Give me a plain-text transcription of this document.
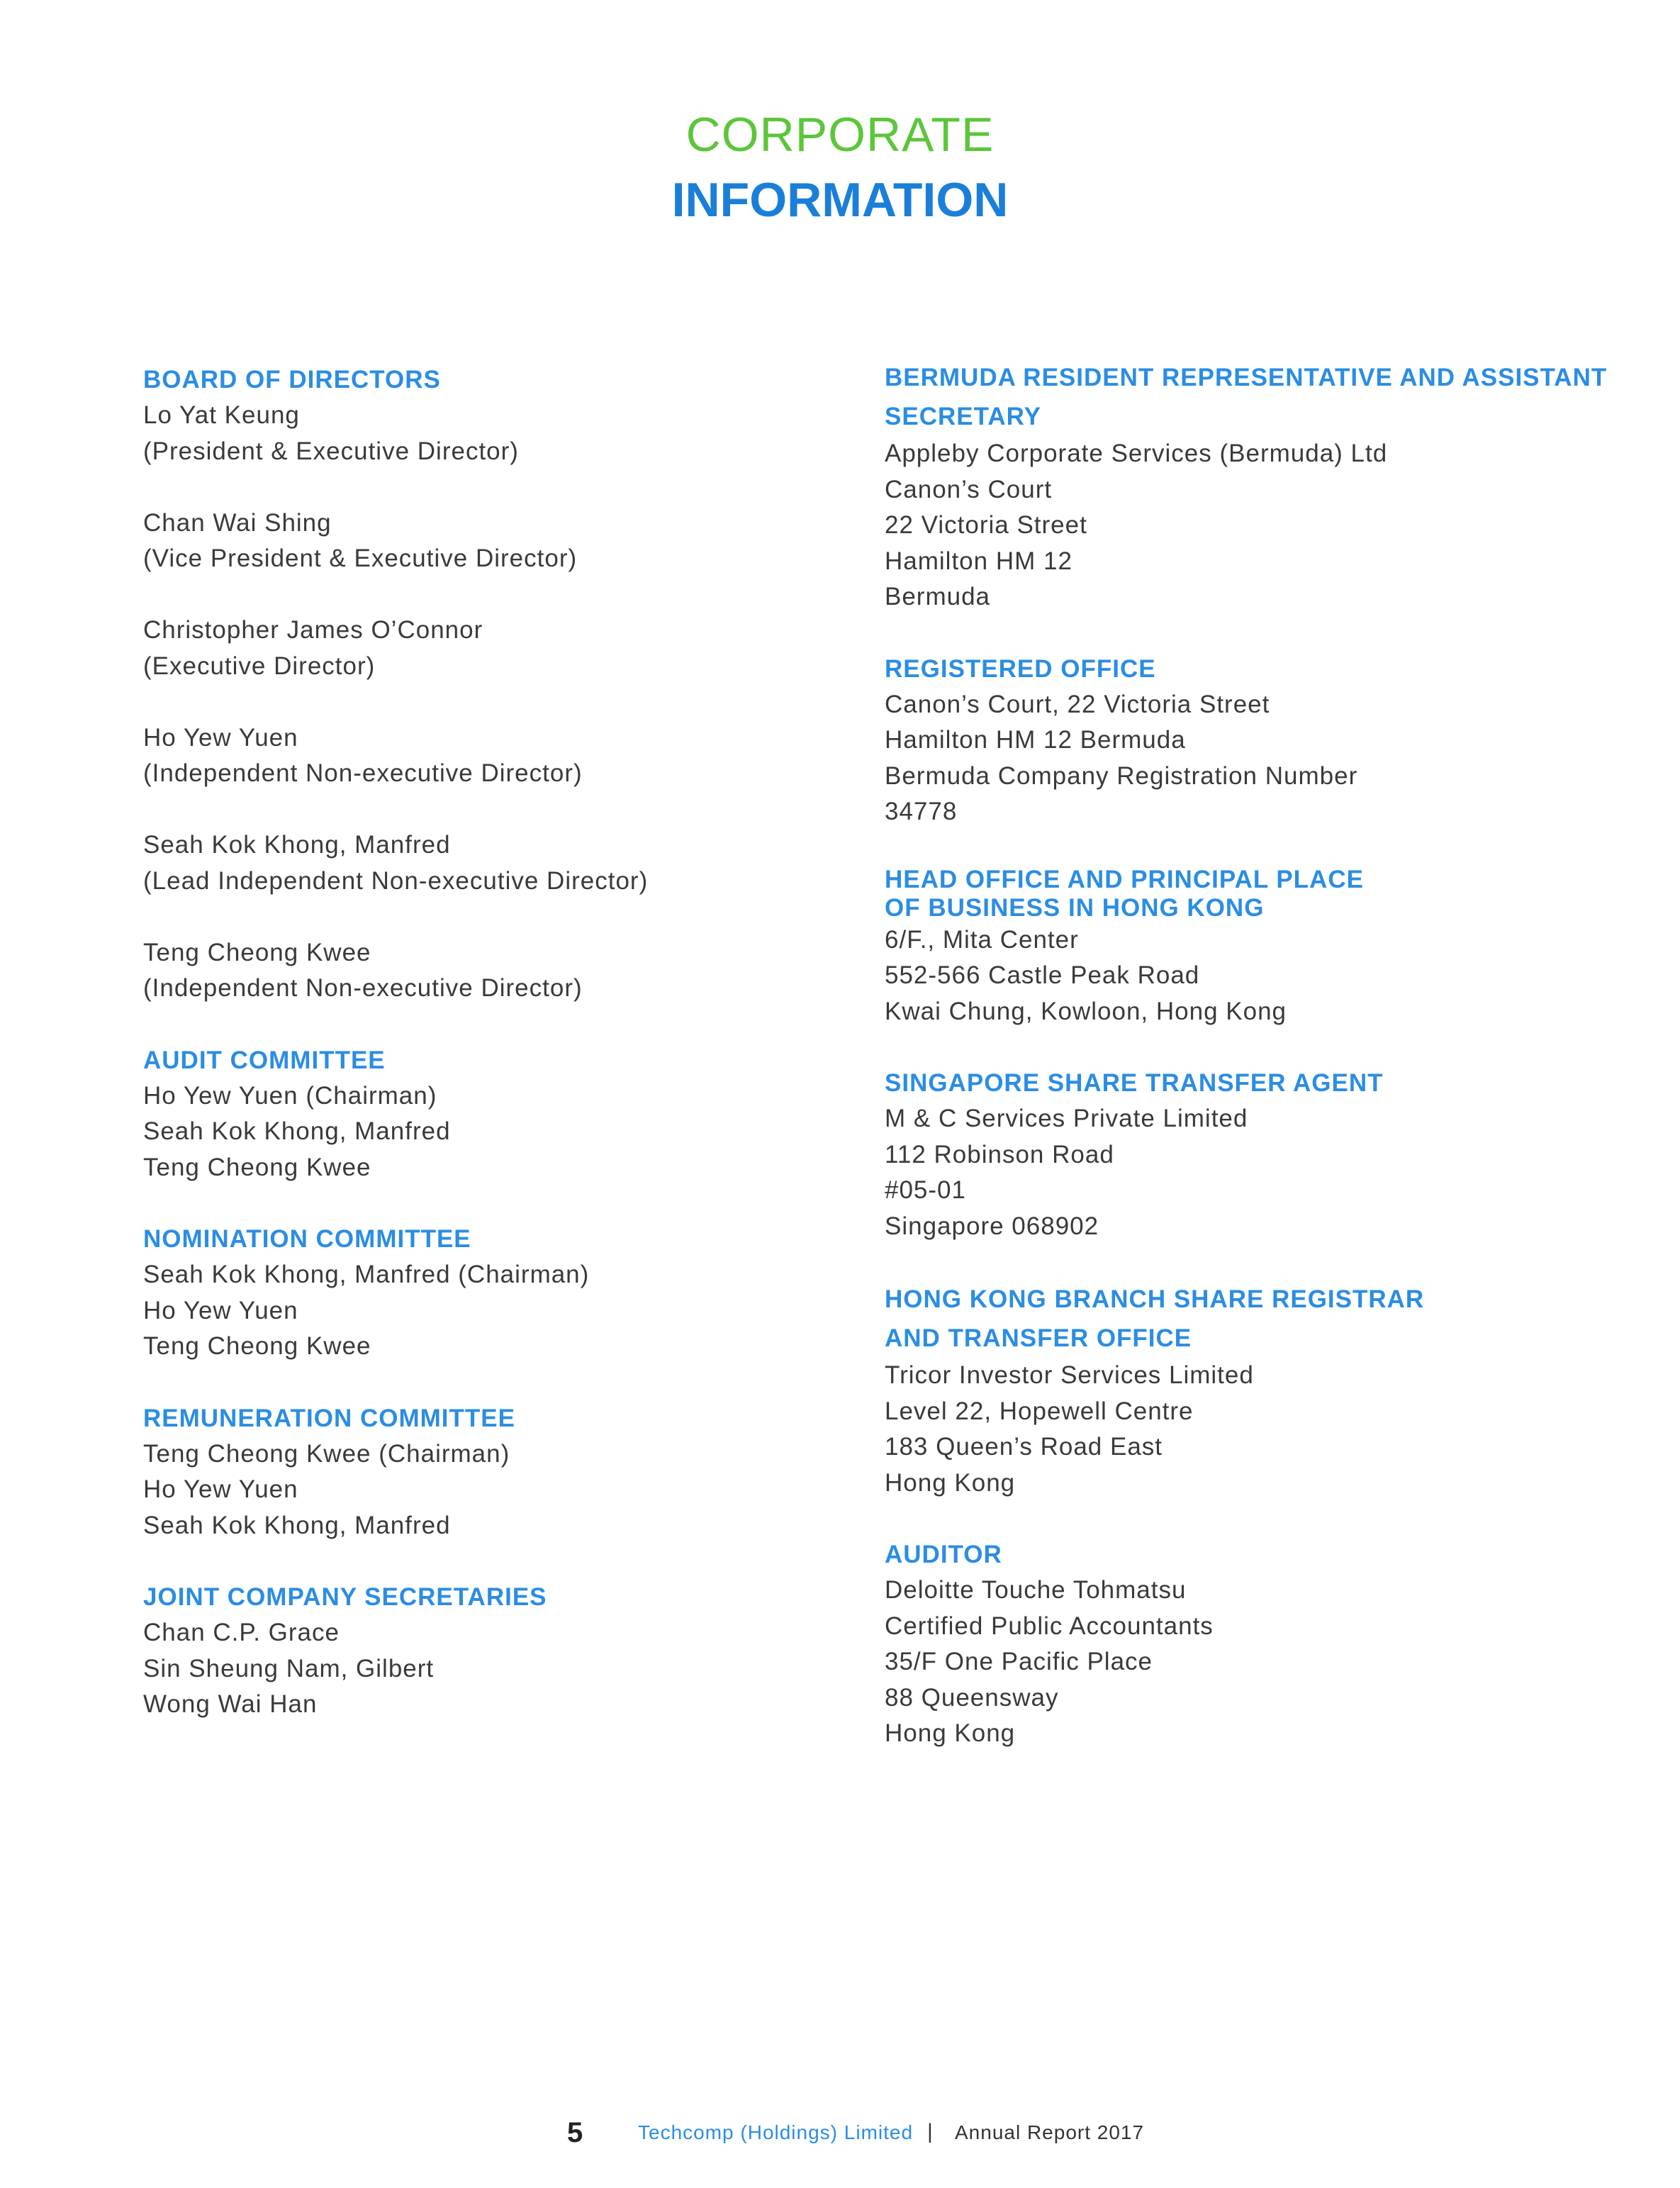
CORPORATE
INFORMATION
BOARD OF DIRECTORS
Lo Yat Keung
(President & Executive Director)
Chan Wai Shing
(Vice President & Executive Director)
Christopher James O’Connor
(Executive Director)
Ho Yew Yuen
(Independent Non-executive Director)
Seah Kok Khong, Manfred
(Lead Independent Non-executive Director)
Teng Cheong Kwee
(Independent Non-executive Director)
AUDIT COMMITTEE
Ho Yew Yuen (Chairman)
Seah Kok Khong, Manfred
Teng Cheong Kwee
NOMINATION COMMITTEE
Seah Kok Khong, Manfred (Chairman)
Ho Yew Yuen
Teng Cheong Kwee
REMUNERATION COMMITTEE
Teng Cheong Kwee (Chairman)
Ho Yew Yuen
Seah Kok Khong, Manfred
JOINT COMPANY SECRETARIES
Chan C.P. Grace
Sin Sheung Nam, Gilbert
Wong Wai Han
BERMUDA RESIDENT REPRESENTATIVE AND ASSISTANT
SECRETARY
Appleby Corporate Services (Bermuda) Ltd
Canon’s Court
22 Victoria Street
Hamilton HM 12
Bermuda
REGISTERED OFFICE
Canon’s Court, 22 Victoria Street
Hamilton HM 12 Bermuda
Bermuda Company Registration Number
34778
HEAD OFFICE AND PRINCIPAL PLACE
OF BUSINESS IN HONG KONG
6/F., Mita Center
552-566 Castle Peak Road
Kwai Chung, Kowloon, Hong Kong
SINGAPORE SHARE TRANSFER AGENT
M & C Services Private Limited
112 Robinson Road
#05-01
Singapore 068902
HONG KONG BRANCH SHARE REGISTRAR
AND TRANSFER OFFICE
Tricor Investor Services Limited
Level 22, Hopewell Centre
183 Queen’s Road East
Hong Kong
AUDITOR
Deloitte Touche Tohmatsu
Certified Public Accountants
35/F One Pacific Place
88 Queensway
Hong Kong
5	Techcomp (Holdings) Limited | Annual Report 2017
